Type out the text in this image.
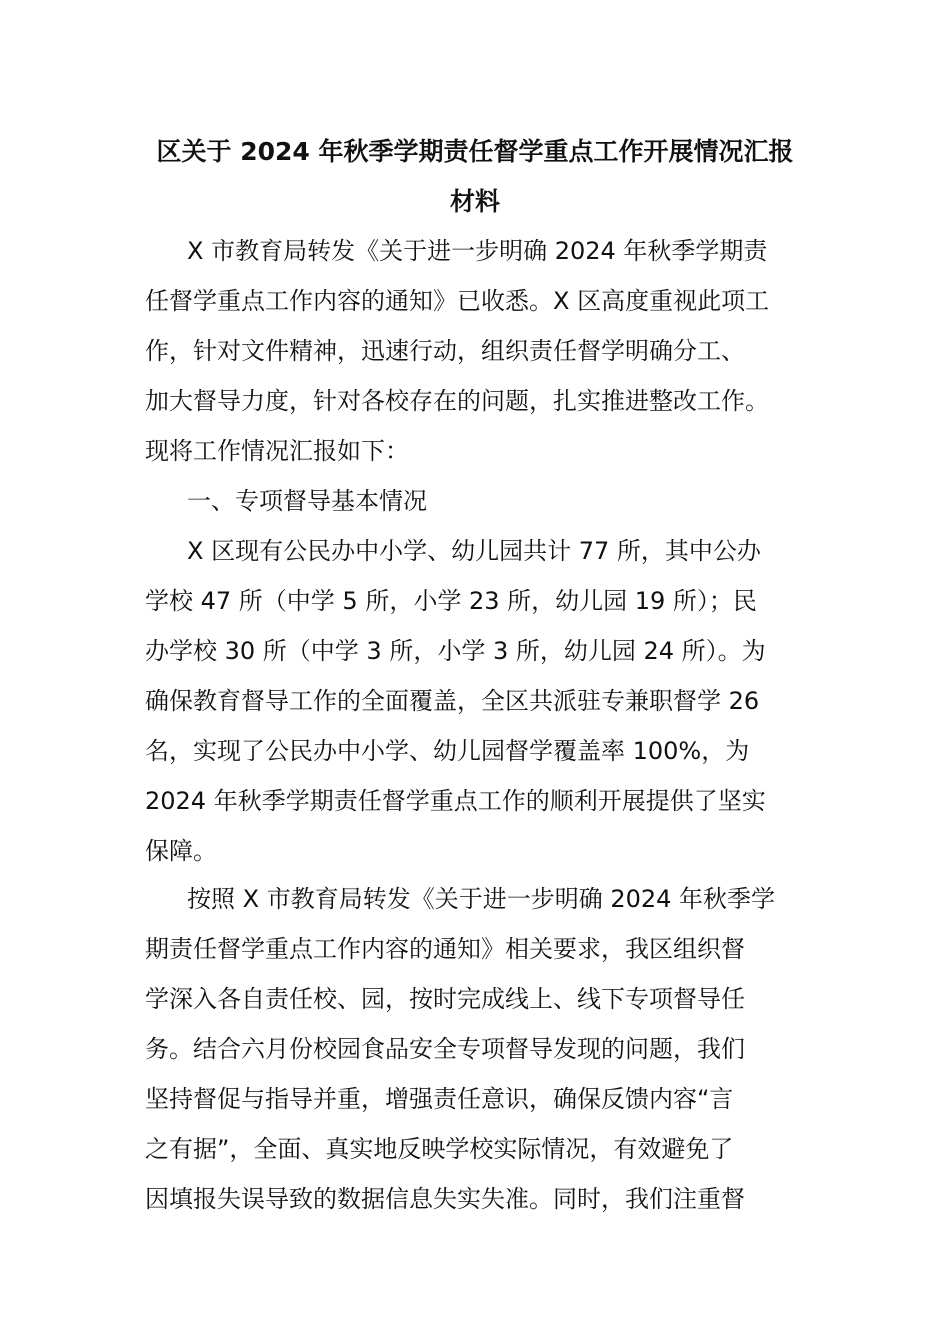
区关于 2024 年秋季学期责任督学重点工作开展情况汇报
材料
X 市教育局转发《关于进一步明确 2024 年秋季学期责
任督学重点工作内容的通知》已收悉。X 区高度重视此项工
作，针对文件精神，迅速行动，组织责任督学明确分工、
加大督导力度，针对各校存在的问题，扎实推进整改工作。
现将工作情况汇报如下：
一、专项督导基本情况
X 区现有公民办中小学、幼儿园共计 77 所，其中公办
学校 47 所（中学 5 所，小学 23 所，幼儿园 19 所）；民
办学校 30 所（中学 3 所，小学 3 所，幼儿园 24 所）。为
确保教育督导工作的全面覆盖，全区共派驻专兼职督学 26
名，实现了公民办中小学、幼儿园督学覆盖率 100%，为
2024 年秋季学期责任督学重点工作的顺利开展提供了坚实
保障。
按照 X 市教育局转发《关于进一步明确 2024 年秋季学
期责任督学重点工作内容的通知》相关要求，我区组织督
学深入各自责任校、园，按时完成线上、线下专项督导任
务。结合六月份校园食品安全专项督导发现的问题，我们
坚持督促与指导并重，增强责任意识，确保反馈内容“言
之有据”，全面、真实地反映学校实际情况，有效避免了
因填报失误导致的数据信息失实失准。同时，我们注重督
